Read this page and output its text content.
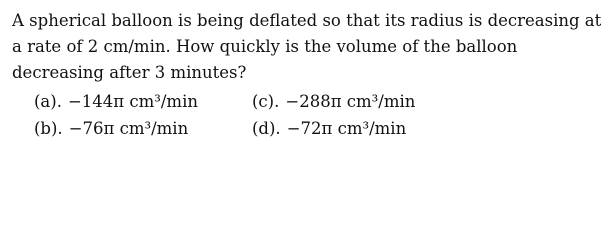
A spherical balloon is being deflated so that its radius is decreasing at a rate of 2 cm/min. How quickly is the volume of the balloon decreasing after 3 minutes?

(a). −144π cm³/min	(c). −288π cm³/min
(b). −76π cm³/min	(d). −72π cm³/min
